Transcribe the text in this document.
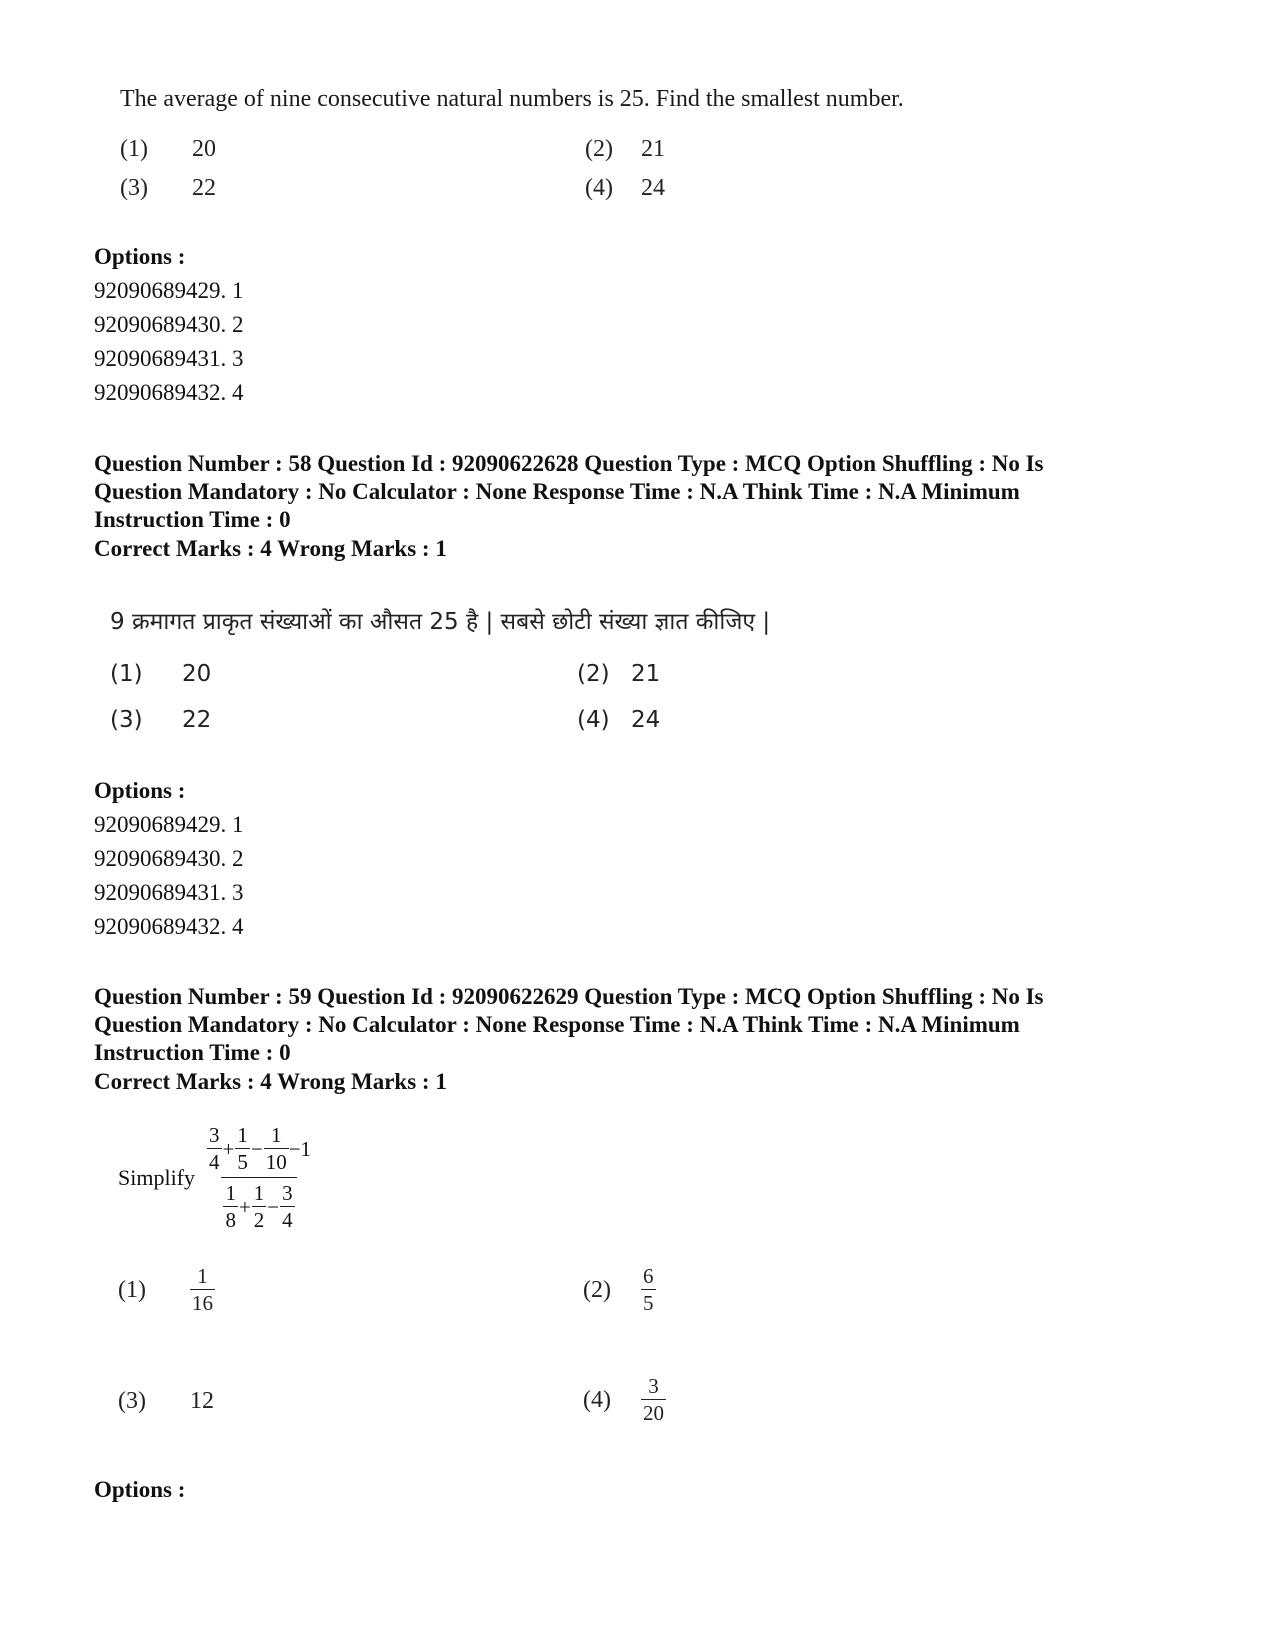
The average of nine consecutive natural numbers is 25. Find the smallest number.
(1)	20	(2)	21
(3)	22	(4)	24
Options :
92090689429. 1
92090689430. 2
92090689431. 3
92090689432. 4
Question Number : 58 Question Id : 92090622628 Question Type : MCQ Option Shuffling : No Is
Question Mandatory : No Calculator : None Response Time : N.A Think Time : N.A Minimum
Instruction Time : 0
Correct Marks : 4 Wrong Marks : 1
9 क्रमागत प्राकृत संख्याओं का औसत 25 है | सबसे छोटी संख्या ज्ञात कीजिए |
(1) 20	(2) 21
(3) 22	(4) 24
Options :
92090689429. 1
92090689430. 2
92090689431. 3
92090689432. 4
Question Number : 59 Question Id : 92090622629 Question Type : MCQ Option Shuffling : No Is
Question Mandatory : No Calculator : None Response Time : N.A Think Time : N.A Minimum
Instruction Time : 0
Correct Marks : 4 Wrong Marks : 1
Simplify $\frac{\frac{3}{4} + \frac{1}{5} - \frac{1}{10} -1}{\frac{1}{8} + \frac{1}{2} - \frac{3}{4}}$
(1)	$\frac{1}{16}$	(2)	$\frac{6}{5}$
(3)	12	(4)	$\frac{3}{20}$
Options :
